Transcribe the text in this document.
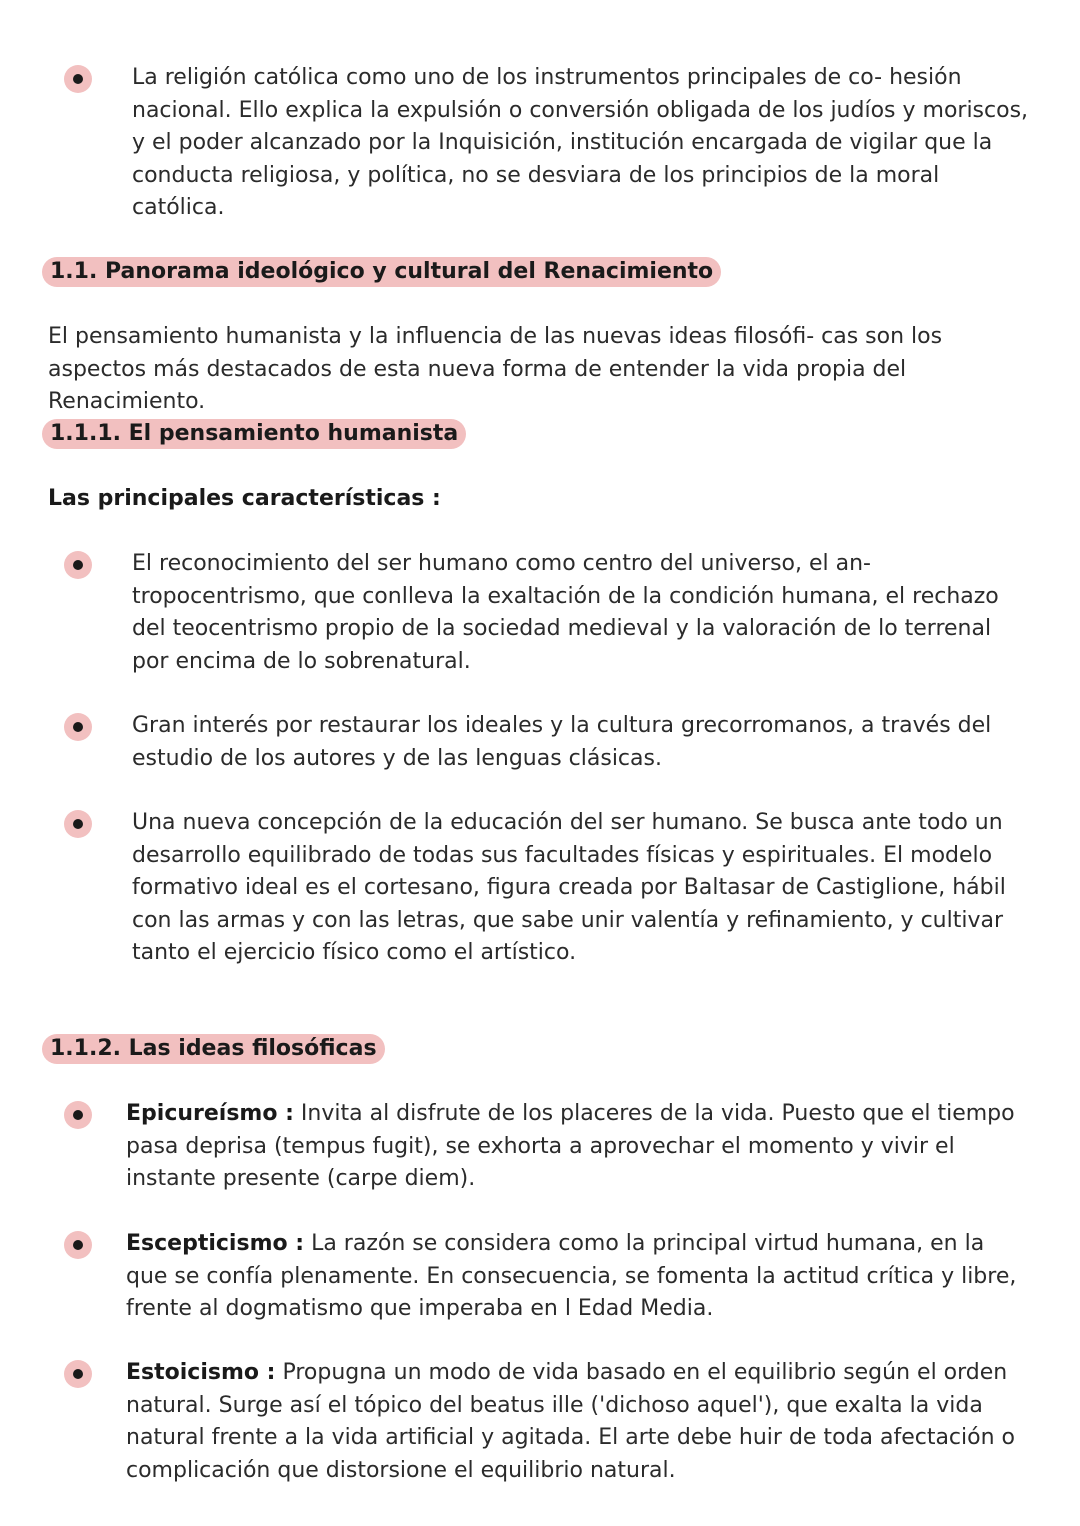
La religión católica como uno de los instrumentos principales de co- hesión nacional. Ello explica la expulsión o conversión obligada de los judíos y moriscos, y el poder alcanzado por la Inquisición, institución encargada de vigilar que la conducta religiosa, y política, no se desviara de los principios de la moral católica.

1.1. Panorama ideológico y cultural del Renacimiento

El pensamiento humanista y la influencia de las nuevas ideas filosófi- cas son los aspectos más destacados de esta nueva forma de entender la vida propia del Renacimiento.

1.1.1. El pensamiento humanista

Las principales características :

El reconocimiento del ser humano como centro del universo, el an- tropocentrismo, que conlleva la exaltación de la condición humana, el rechazo del teocentrismo propio de la sociedad medieval y la valoración de lo terrenal por encima de lo sobrenatural.

Gran interés por restaurar los ideales y la cultura grecorromanos, a través del estudio de los autores y de las lenguas clásicas.

Una nueva concepción de la educación del ser humano. Se busca ante todo un desarrollo equilibrado de todas sus facultades físicas y espirituales. El modelo formativo ideal es el cortesano, figura creada por Baltasar de Castiglione, hábil con las armas y con las letras, que sabe unir valentía y refinamiento, y cultivar tanto el ejercicio físico como el artístico.

1.1.2. Las ideas filosóficas

Epicureísmo : Invita al disfrute de los placeres de la vida. Puesto que el tiempo pasa deprisa (tempus fugit), se exhorta a aprovechar el momento y vivir el instante presente (carpe diem).

Escepticismo : La razón se considera como la principal virtud humana, en la que se confía plenamente. En consecuencia, se fomenta la actitud crítica y libre, frente al dogmatismo que imperaba en l Edad Media.

Estoicismo : Propugna un modo de vida basado en el equilibrio según el orden natural. Surge así el tópico del beatus ille ('dichoso aquel'), que exalta la vida natural frente a la vida artificial y agitada. El arte debe huir de toda afectación o complicación que distorsione el equilibrio natural.
